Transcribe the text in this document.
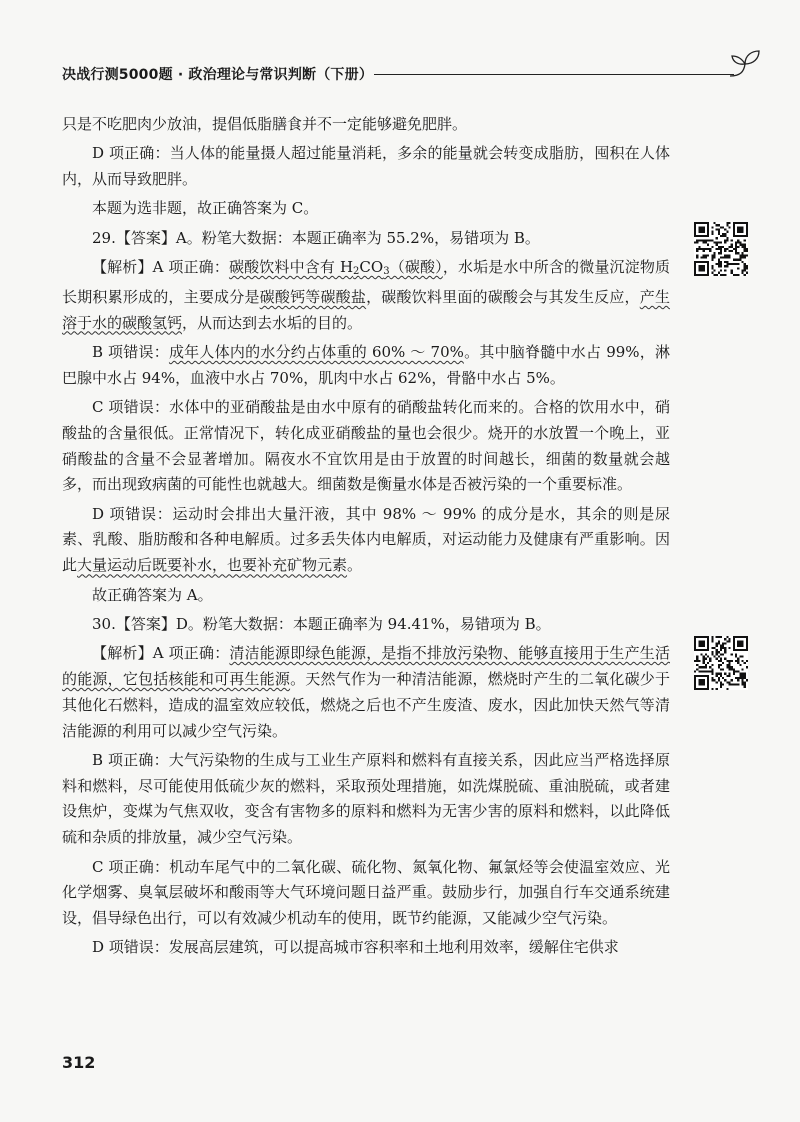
决战行测5000题 · 政治理论与常识判断（下册）

只是不吃肥肉少放油，提倡低脂膳食并不一定能够避免肥胖。

D 项正确：当人体的能量摄人超过能量消耗，多余的能量就会转变成脂肪，囤积在人体内，从而导致肥胖。

本题为选非题，故正确答案为 C。

29.【答案】A。粉笔大数据：本题正确率为 55.2%，易错项为 B。

【解析】A 项正确：碳酸饮料中含有 $H_2CO_3$（碳酸），水垢是水中所含的微量沉淀物质长期积累形成的，主要成分是碳酸钙等碳酸盐，碳酸饮料里面的碳酸会与其发生反应，产生溶于水的碳酸氢钙，从而达到去水垢的目的。

B 项错误：成年人体内的水分约占体重的 60% ～ 70%。其中脑脊髓中水占 99%，淋巴腺中水占 94%，血液中水占 70%，肌肉中水占 62%，骨骼中水占 5%。

C 项错误：水体中的亚硝酸盐是由水中原有的硝酸盐转化而来的。合格的饮用水中，硝酸盐的含量很低。正常情况下，转化成亚硝酸盐的量也会很少。烧开的水放置一个晚上，亚硝酸盐的含量不会显著增加。隔夜水不宜饮用是由于放置的时间越长，细菌的数量就会越多，而出现致病菌的可能性也就越大。细菌数是衡量水体是否被污染的一个重要标准。

D 项错误：运动时会排出大量汗液，其中 98% ～ 99% 的成分是水，其余的则是尿素、乳酸、脂肪酸和各种电解质。过多丢失体内电解质，对运动能力及健康有严重影响。因此大量运动后既要补水，也要补充矿物元素。

故正确答案为 A。

30.【答案】D。粉笔大数据：本题正确率为 94.41%，易错项为 B。

【解析】A 项正确：清洁能源即绿色能源，是指不排放污染物、能够直接用于生产生活的能源，它包括核能和可再生能源。天然气作为一种清洁能源，燃烧时产生的二氧化碳少于其他化石燃料，造成的温室效应较低，燃烧之后也不产生废渣、废水，因此加快天然气等清洁能源的利用可以减少空气污染。

B 项正确：大气污染物的生成与工业生产原料和燃料有直接关系，因此应当严格选择原料和燃料，尽可能使用低硫少灰的燃料，采取预处理措施，如洗煤脱硫、重油脱硫，或者建设焦炉，变煤为气焦双收，变含有害物多的原料和燃料为无害少害的原料和燃料，以此降低硫和杂质的排放量，减少空气污染。

C 项正确：机动车尾气中的二氧化碳、硫化物、氮氧化物、氟氯烃等会使温室效应、光化学烟雾、臭氧层破坏和酸雨等大气环境问题日益严重。鼓励步行，加强自行车交通系统建设，倡导绿色出行，可以有效减少机动车的使用，既节约能源，又能减少空气污染。

D 项错误：发展高层建筑，可以提高城市容积率和土地利用效率，缓解住宅供求

312
